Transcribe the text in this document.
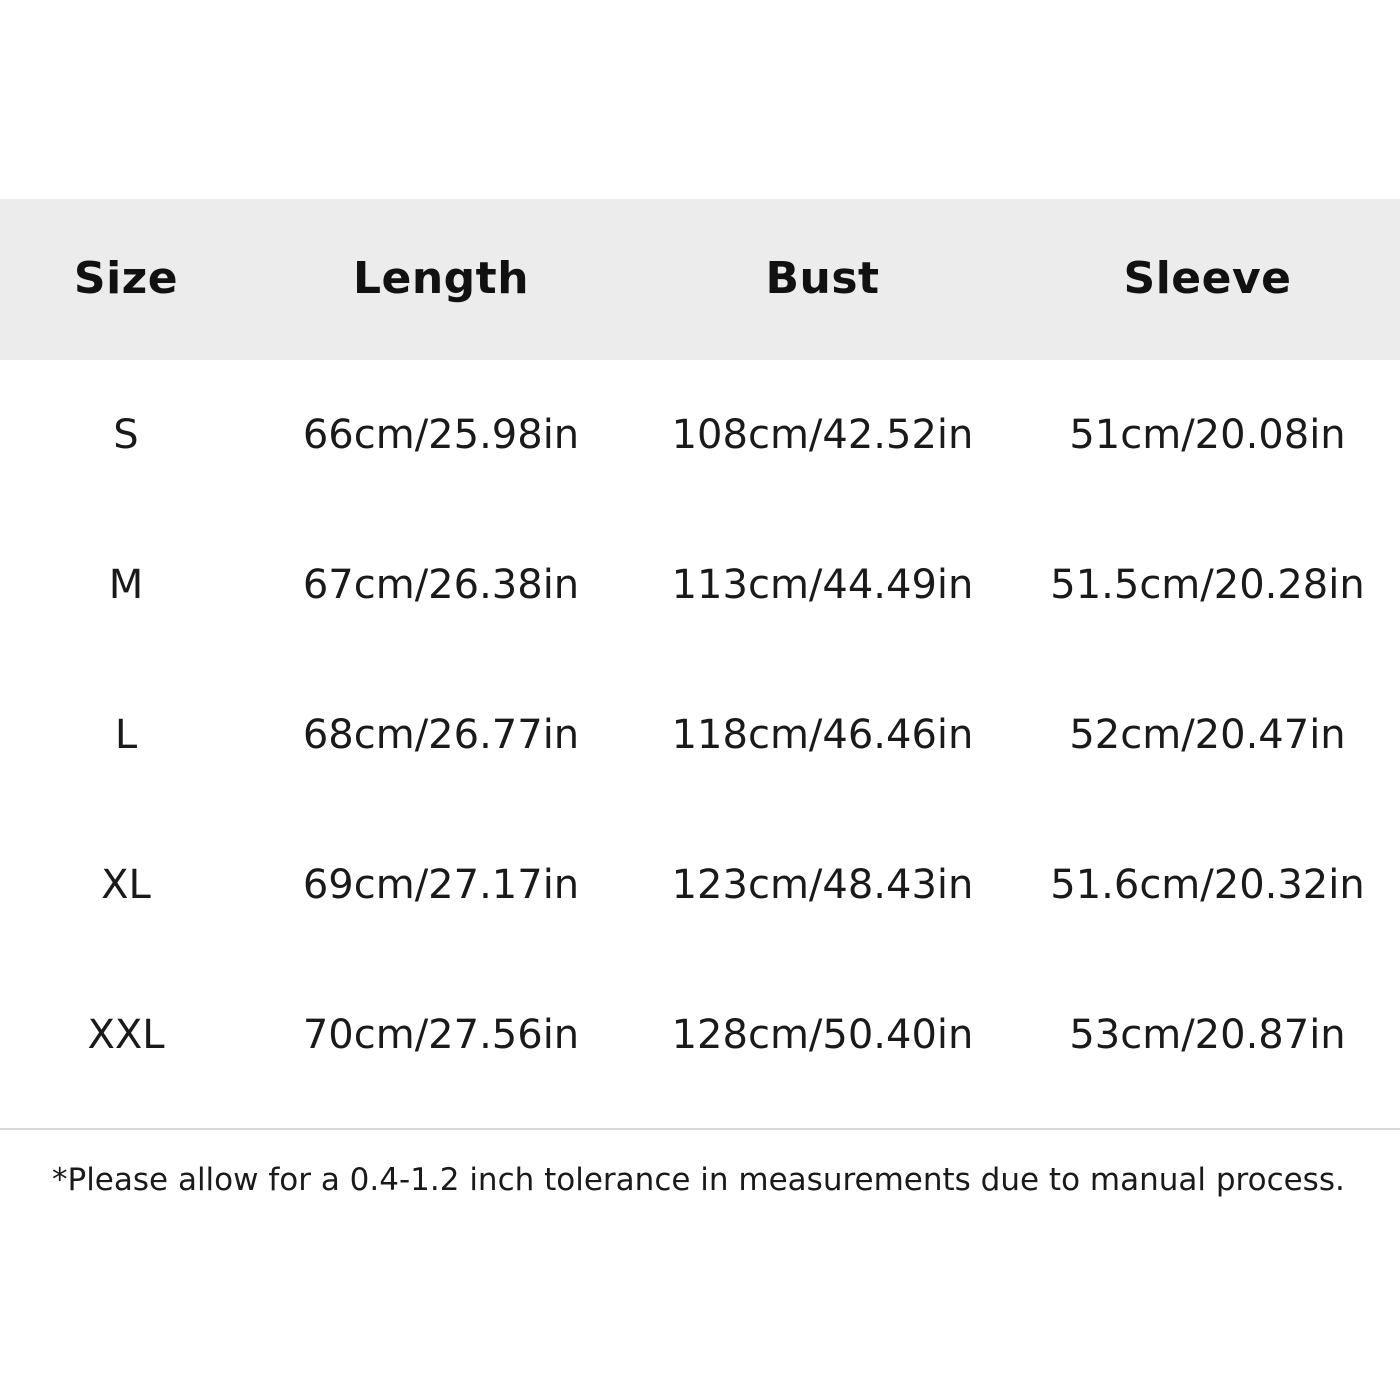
Size	Length	Bust	Sleeve
S	66cm/25.98in	108cm/42.52in	51cm/20.08in
M	67cm/26.38in	113cm/44.49in	51.5cm/20.28in
L	68cm/26.77in	118cm/46.46in	52cm/20.47in
XL	69cm/27.17in	123cm/48.43in	51.6cm/20.32in
XXL	70cm/27.56in	128cm/50.40in	53cm/20.87in
*Please allow for a 0.4-1.2 inch tolerance in measurements due to manual process.
